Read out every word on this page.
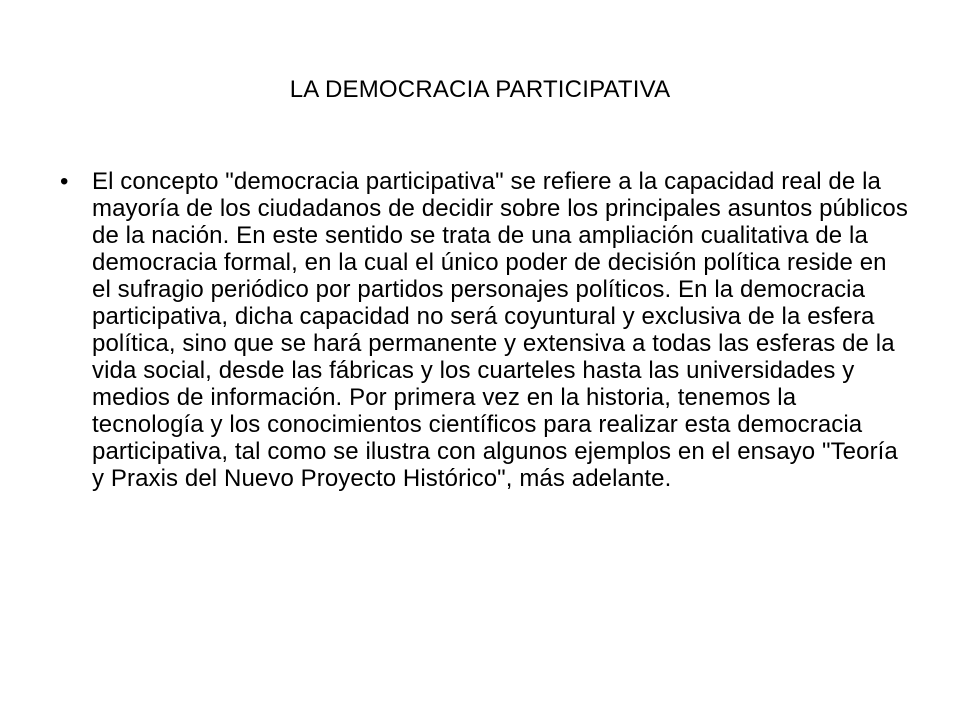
LA DEMOCRACIA PARTICIPATIVA
• El concepto "democracia participativa" se refiere a la capacidad real de la mayoría de los ciudadanos de decidir sobre los principales asuntos públicos de la nación. En este sentido se trata de una ampliación cualitativa de la democracia formal, en la cual el único poder de decisión política reside en el sufragio periódico por partidos personajes políticos. En la democracia participativa, dicha capacidad no será coyuntural y exclusiva de la esfera política, sino que se hará permanente y extensiva a todas las esferas de la vida social, desde las fábricas y los cuarteles hasta las universidades y medios de información. Por primera vez en la historia, tenemos la tecnología y los conocimientos científicos para realizar esta democracia participativa, tal como se ilustra con algunos ejemplos en el ensayo "Teoría y Praxis del Nuevo Proyecto Histórico", más adelante.
